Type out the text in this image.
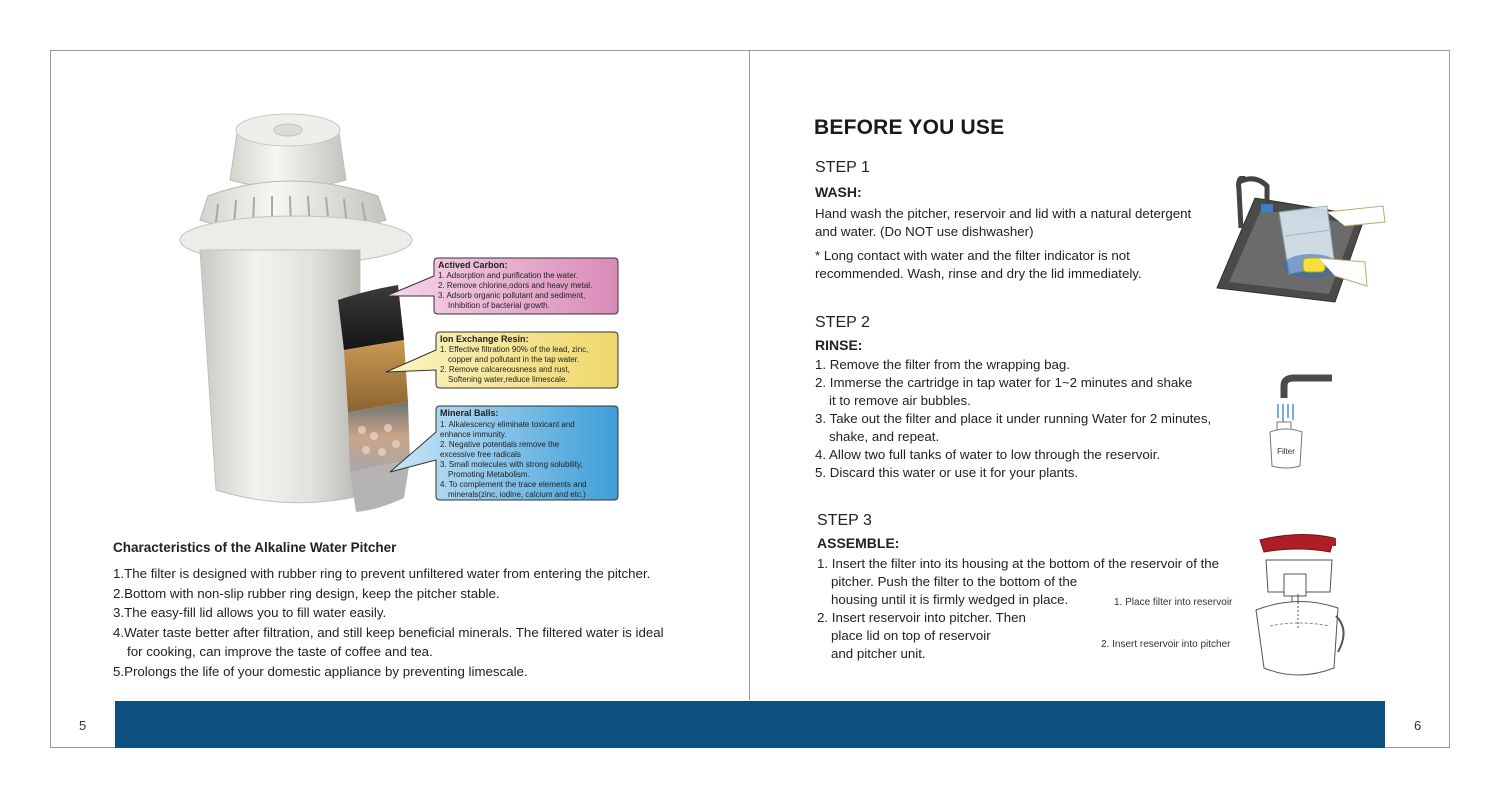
5	6
Actived Carbon:
1. Adsorption and purification the water.
2. Remove chlorine,odors and heavy metal.
3. Adsorb organic pollutant and sediment,
Inhibition of bacterial growth.
Ion Exchange Resin:
1. Effective filtration 90% of the lead, zinc,
copper and pollutant in the tap water.
2. Remove calcareousness and rust,
Softening water,reduce limescale.
Mineral Balls:
1. Alkalescency eliminate toxicant and
enhance immunity.
2. Negative potentials remove the
excessive free radicals
3. Small molecules with strong solubility,
Promoting Metabolism.
4. To complement the trace elements and
minerals(zinc, iodine, calcium and etc.)
Characteristics of the Alkaline Water Pitcher
1.The filter is designed with rubber ring to prevent unfiltered water from entering the pitcher.
2.Bottom with non-slip rubber ring design, keep the pitcher stable.
3.The easy-fill lid allows you to fill water easily.
4.Water taste better after filtration, and still keep beneficial minerals. The filtered water is ideal
for cooking, can improve the taste of coffee and tea.
5.Prolongs the life of your domestic appliance by preventing limescale.
BEFORE YOU USE
STEP 1
WASH:
Hand wash the pitcher, reservoir and lid with a natural detergent
and water. (Do NOT use dishwasher)
* Long contact with water and the filter indicator is not
recommended. Wash, rinse and dry the lid immediately.
STEP 2
RINSE:
1. Remove the filter from the wrapping bag.
2. Immerse the cartridge in tap water for 1~2 minutes and shake
it to remove air bubbles.
3. Take out the filter and place it under running Water for 2 minutes,
shake, and repeat.
4. Allow two full tanks of water to low through the reservoir.
5. Discard this water or use it for your plants.
Filter
STEP 3
ASSEMBLE:
1. Insert the filter into its housing at the bottom of the reservoir of the
pitcher. Push the filter to the bottom of the
housing until it is firmly wedged in place.
2. Insert reservoir into pitcher. Then
place lid on top of reservoir
and pitcher unit.
1. Place filter into reservoir
2. Insert reservoir into pitcher
